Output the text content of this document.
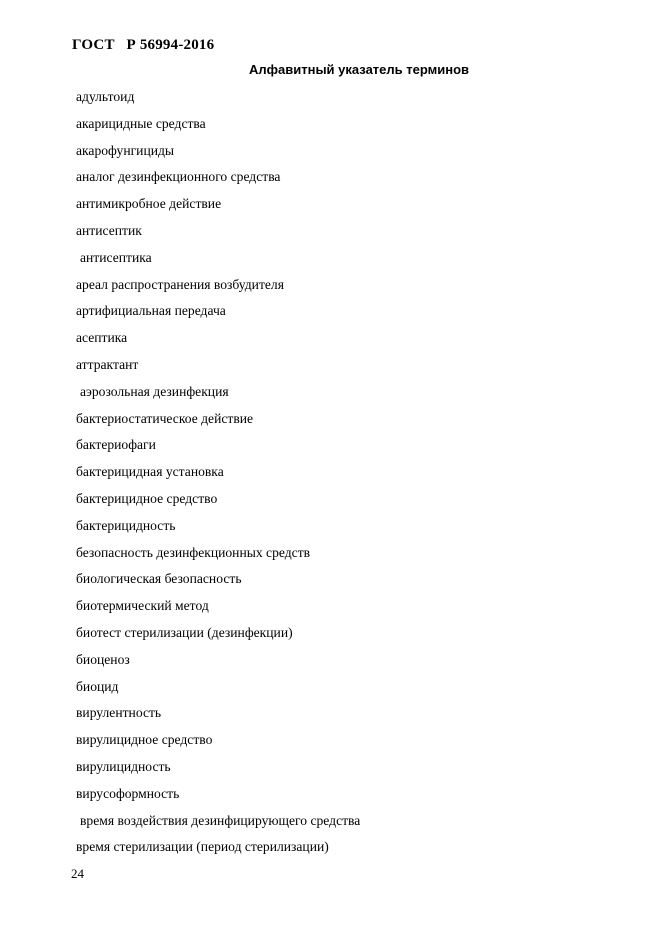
ГОСТ   Р 56994-2016
Алфавитный указатель терминов
адультоид
акарицидные средства
акарофунгициды
аналог дезинфекционного средства
антимикробное действие
антисептик
антисептика
ареал распространения возбудителя
артифициальная передача
асептика
аттрактант
аэрозольная дезинфекция
бактериостатическое действие
бактериофаги
бактерицидная установка
бактерицидное средство
бактерицидность
безопасность дезинфекционных средств
биологическая безопасность
биотермический метод
биотест стерилизации (дезинфекции)
биоценоз
биоцид
вирулентность
вирулицидное средство
вирулицидность
вирусоформность
время воздействия дезинфицирующего средства
время стерилизации (период стерилизации)
24
